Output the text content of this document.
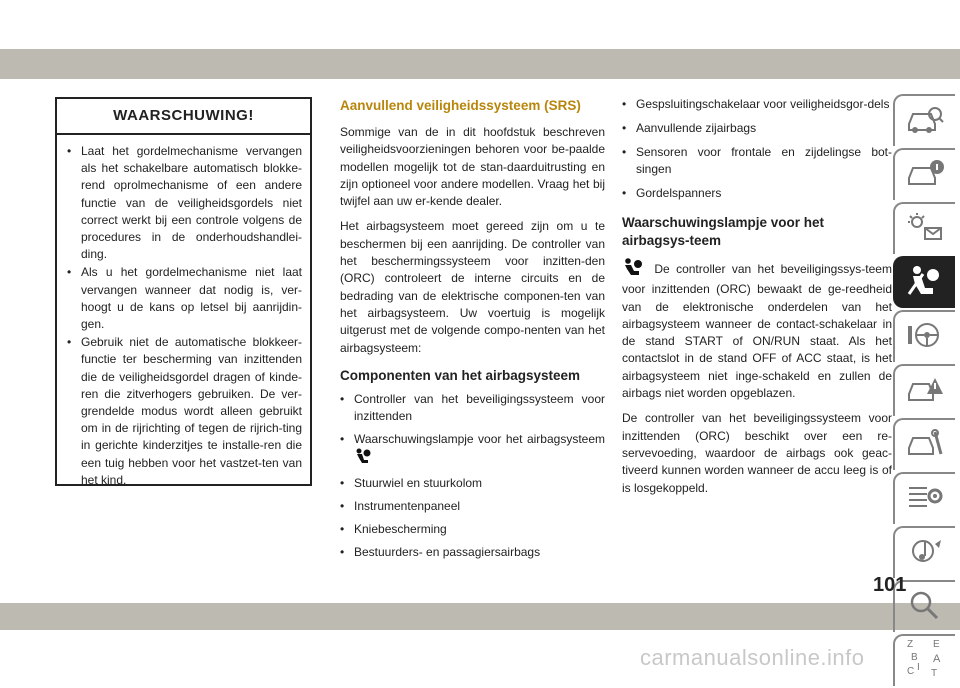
WAARSCHUWING!
• Laat het gordelmechanisme vervangen als het schakelbare automatisch blokke-rend oprolmechanisme of een andere functie van de veiligheidsgordels niet correct werkt bij een controle volgens de procedures in de onderhoudshandlei-ding.
• Als u het gordelmechanisme niet laat vervangen wanneer dat nodig is, ver-hoogt u de kans op letsel bij aanrijdin-gen.
• Gebruik niet de automatische blokkeer-functie ter bescherming van inzittenden die de veiligheidsgordel dragen of kinde-ren die zitverhogers gebruiken. De ver-grendelde modus wordt alleen gebruikt om in de rijrichting of tegen de rijrich-ting in gerichte kinderzitjes te installe-ren die een tuig hebben voor het vastzet-ten van het kind.
Aanvullend veiligheidssysteem (SRS)

Sommige van de in dit hoofdstuk beschreven veiligheidsvoorzieningen behoren voor be-paalde modellen mogelijk tot de stan-daarduitrusting en zijn optioneel voor andere modellen. Vraag het bij twijfel aan uw er-kende dealer.

Het airbagsysteem moet gereed zijn om u te beschermen bij een aanrijding. De controller van het beschermingssysteem voor inzitten-den (ORC) controleert de interne circuits en de bedrading van de elektrische componen-ten van het airbagsysteem. Uw voertuig is mogelijk uitgerust met de volgende compo-nenten van het airbagsysteem:

Componenten van het airbagsysteem
• Controller van het beveiligingssysteem voor inzittenden
• Waarschuwingslampje voor het airbagsysteem
• Stuurwiel en stuurkolom
• Instrumentenpaneel
• Kniebescherming
• Bestuurders- en passagiersairbags
• Gespsluitingschakelaar voor veiligheidsgor-dels
• Aanvullende zijairbags
• Sensoren voor frontale en zijdelingse bot-singen
• Gordelspanners
Waarschuwingslampje voor het airbagsys-teem

De controller van het beveiligingssys-teem voor inzittenden (ORC) bewaakt de ge-reedheid van de elektronische onderdelen van het airbagsysteem wanneer de contact-schakelaar in de stand START of ON/RUN staat. Als het contactslot in de stand OFF of ACC staat, is het airbagsysteem niet inge-schakeld en zullen de airbags niet worden opgeblazen.

De controller van het beveiligingssysteem voor inzittenden (ORC) beschikt over een re-servevoeding, waardoor de airbags ook geac-tiveerd kunnen worden wanneer de accu leeg is of is losgekoppeld.

Z E
B A
I
C T
101
carmanualsonline.info
